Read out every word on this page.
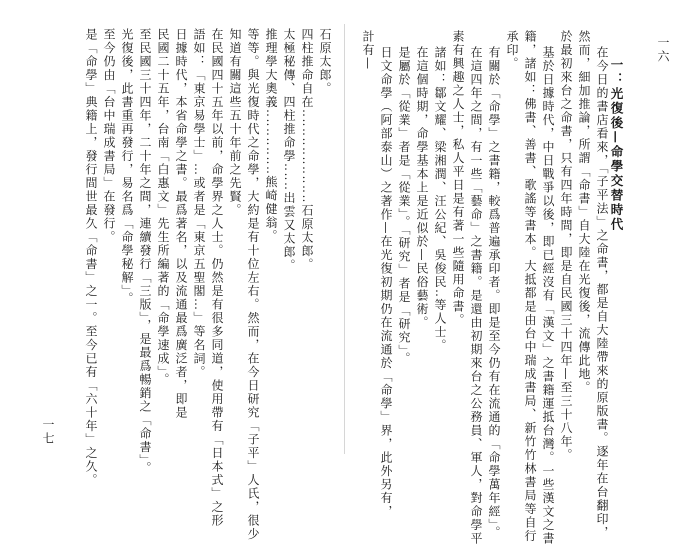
石原太郎。
四柱推命自在‥‥‥‥‥‥‥‥‥‥石原太郎。
太極秘傳、四柱推命學‥‥‥出雲又太郎。
推理學大奧義‥‥‥‥‥‥‥熊崎健翁。
等等。與光復時代之命學，大約是有十位左右。然而，在今日研究「子平」人氏，很少
知道有關這些五十年前之先賢。
在民國四十五年以前，命學界之人士。仍然是有很多同道，使用帶有「日本式」之形
語如：「東京易學士」…或者是「東京五聖閣…」等名詞。
日據時代，本省命學之書。最爲著名，以及流通最爲廣泛者，即是
民國二十五年，台南「白惠文」先生所編著的「命學速成」。
至民國三十四年，二十年之間，連續發行「三版」，是最爲暢銷之「命書」。
光復後，此書重再發行，易名爲「命學秘解」。
至今仍由「台中瑞成書局」在發行。
是「命學」典籍上，發行間世最久「命書」之一。至今已有「六十年」之久。
一七
一：光復後—命學交替時代
在今日的書店看來，「子平法」之命書，都是自大陸帶來的原版書。逐年在台翻印，
然而，細加推論，所謂「命書」自大陸在光復後，流傳此地。
於最初來台之命書，只有四年時間，即是自民國三十四年—至三十八年。
基於日據時代，中日戰爭以後，即已經沒有「漢文」之書籍運抵台灣。一些漢文之書
籍，諸如：佛書、善書、歌謠等書本。大抵都是由台中瑞成書局、新竹竹林書局等自行
承印。
有關於「命學」之書籍，較爲普遍承印者。即是至今仍有在流通的「命學萬年經」。
在這四年之間，有一些「藝命」之書籍。是還由初期來台之公務員、軍人，對命學平
素有興趣之人士，私人平日是有著一些隨用命書。
諸如：鄒文耀、梁湘潤、汪公紀、吳俊民‥等人士。
在這個時期，命學基本上是近似於—民俗藝術。
是屬於「從業」者是「從業」。「研究」者是「研究」。
日文命學（阿部泰山）之著作—在光復初期仍在流通於「命學」界，此外另有，
計有—	一六
